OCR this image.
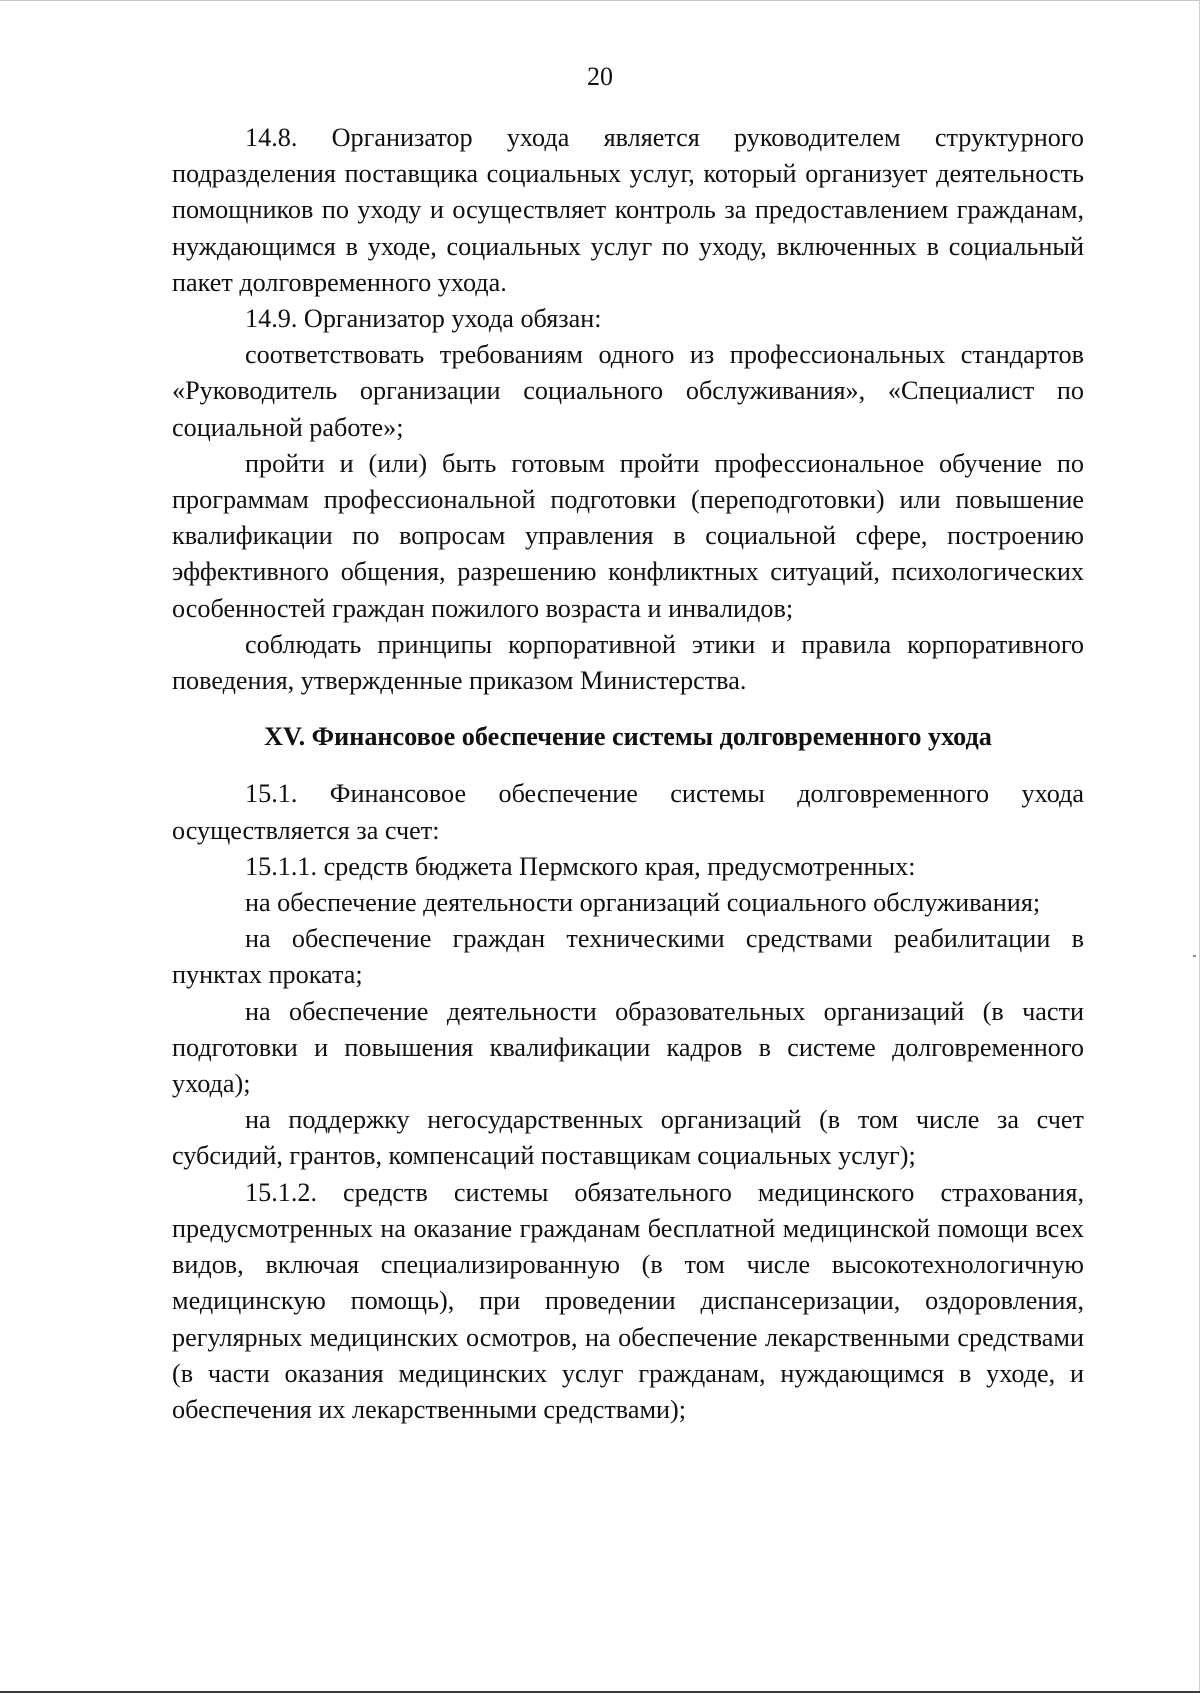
20

14.8. Организатор ухода является руководителем структурного подразделения поставщика социальных услуг, который организует деятельность помощников по уходу и осуществляет контроль за предоставлением гражданам, нуждающимся в уходе, социальных услуг по уходу, включенных в социальный пакет долговременного ухода.

14.9. Организатор ухода обязан:

соответствовать требованиям одного из профессиональных стандартов «Руководитель организации социального обслуживания», «Специалист по социальной работе»;

пройти и (или) быть готовым пройти профессиональное обучение по программам профессиональной подготовки (переподготовки) или повышение квалификации по вопросам управления в социальной сфере, построению эффективного общения, разрешению конфликтных ситуаций, психологических особенностей граждан пожилого возраста и инвалидов;

соблюдать принципы корпоративной этики и правила корпоративного поведения, утвержденные приказом Министерства.

XV. Финансовое обеспечение системы долговременного ухода

15.1. Финансовое обеспечение системы долговременного ухода осуществляется за счет:

15.1.1. средств бюджета Пермского края, предусмотренных:

на обеспечение деятельности организаций социального обслуживания;

на обеспечение граждан техническими средствами реабилитации в пунктах проката;

на обеспечение деятельности образовательных организаций (в части подготовки и повышения квалификации кадров в системе долговременного ухода);

на поддержку негосударственных организаций (в том числе за счет субсидий, грантов, компенсаций поставщикам социальных услуг);

15.1.2. средств системы обязательного медицинского страхования, предусмотренных на оказание гражданам бесплатной медицинской помощи всех видов, включая специализированную (в том числе высокотехнологичную медицинскую помощь), при проведении диспансеризации, оздоровления, регулярных медицинских осмотров, на обеспечение лекарственными средствами (в части оказания медицинских услуг гражданам, нуждающимся в уходе, и обеспечения их лекарственными средствами);
